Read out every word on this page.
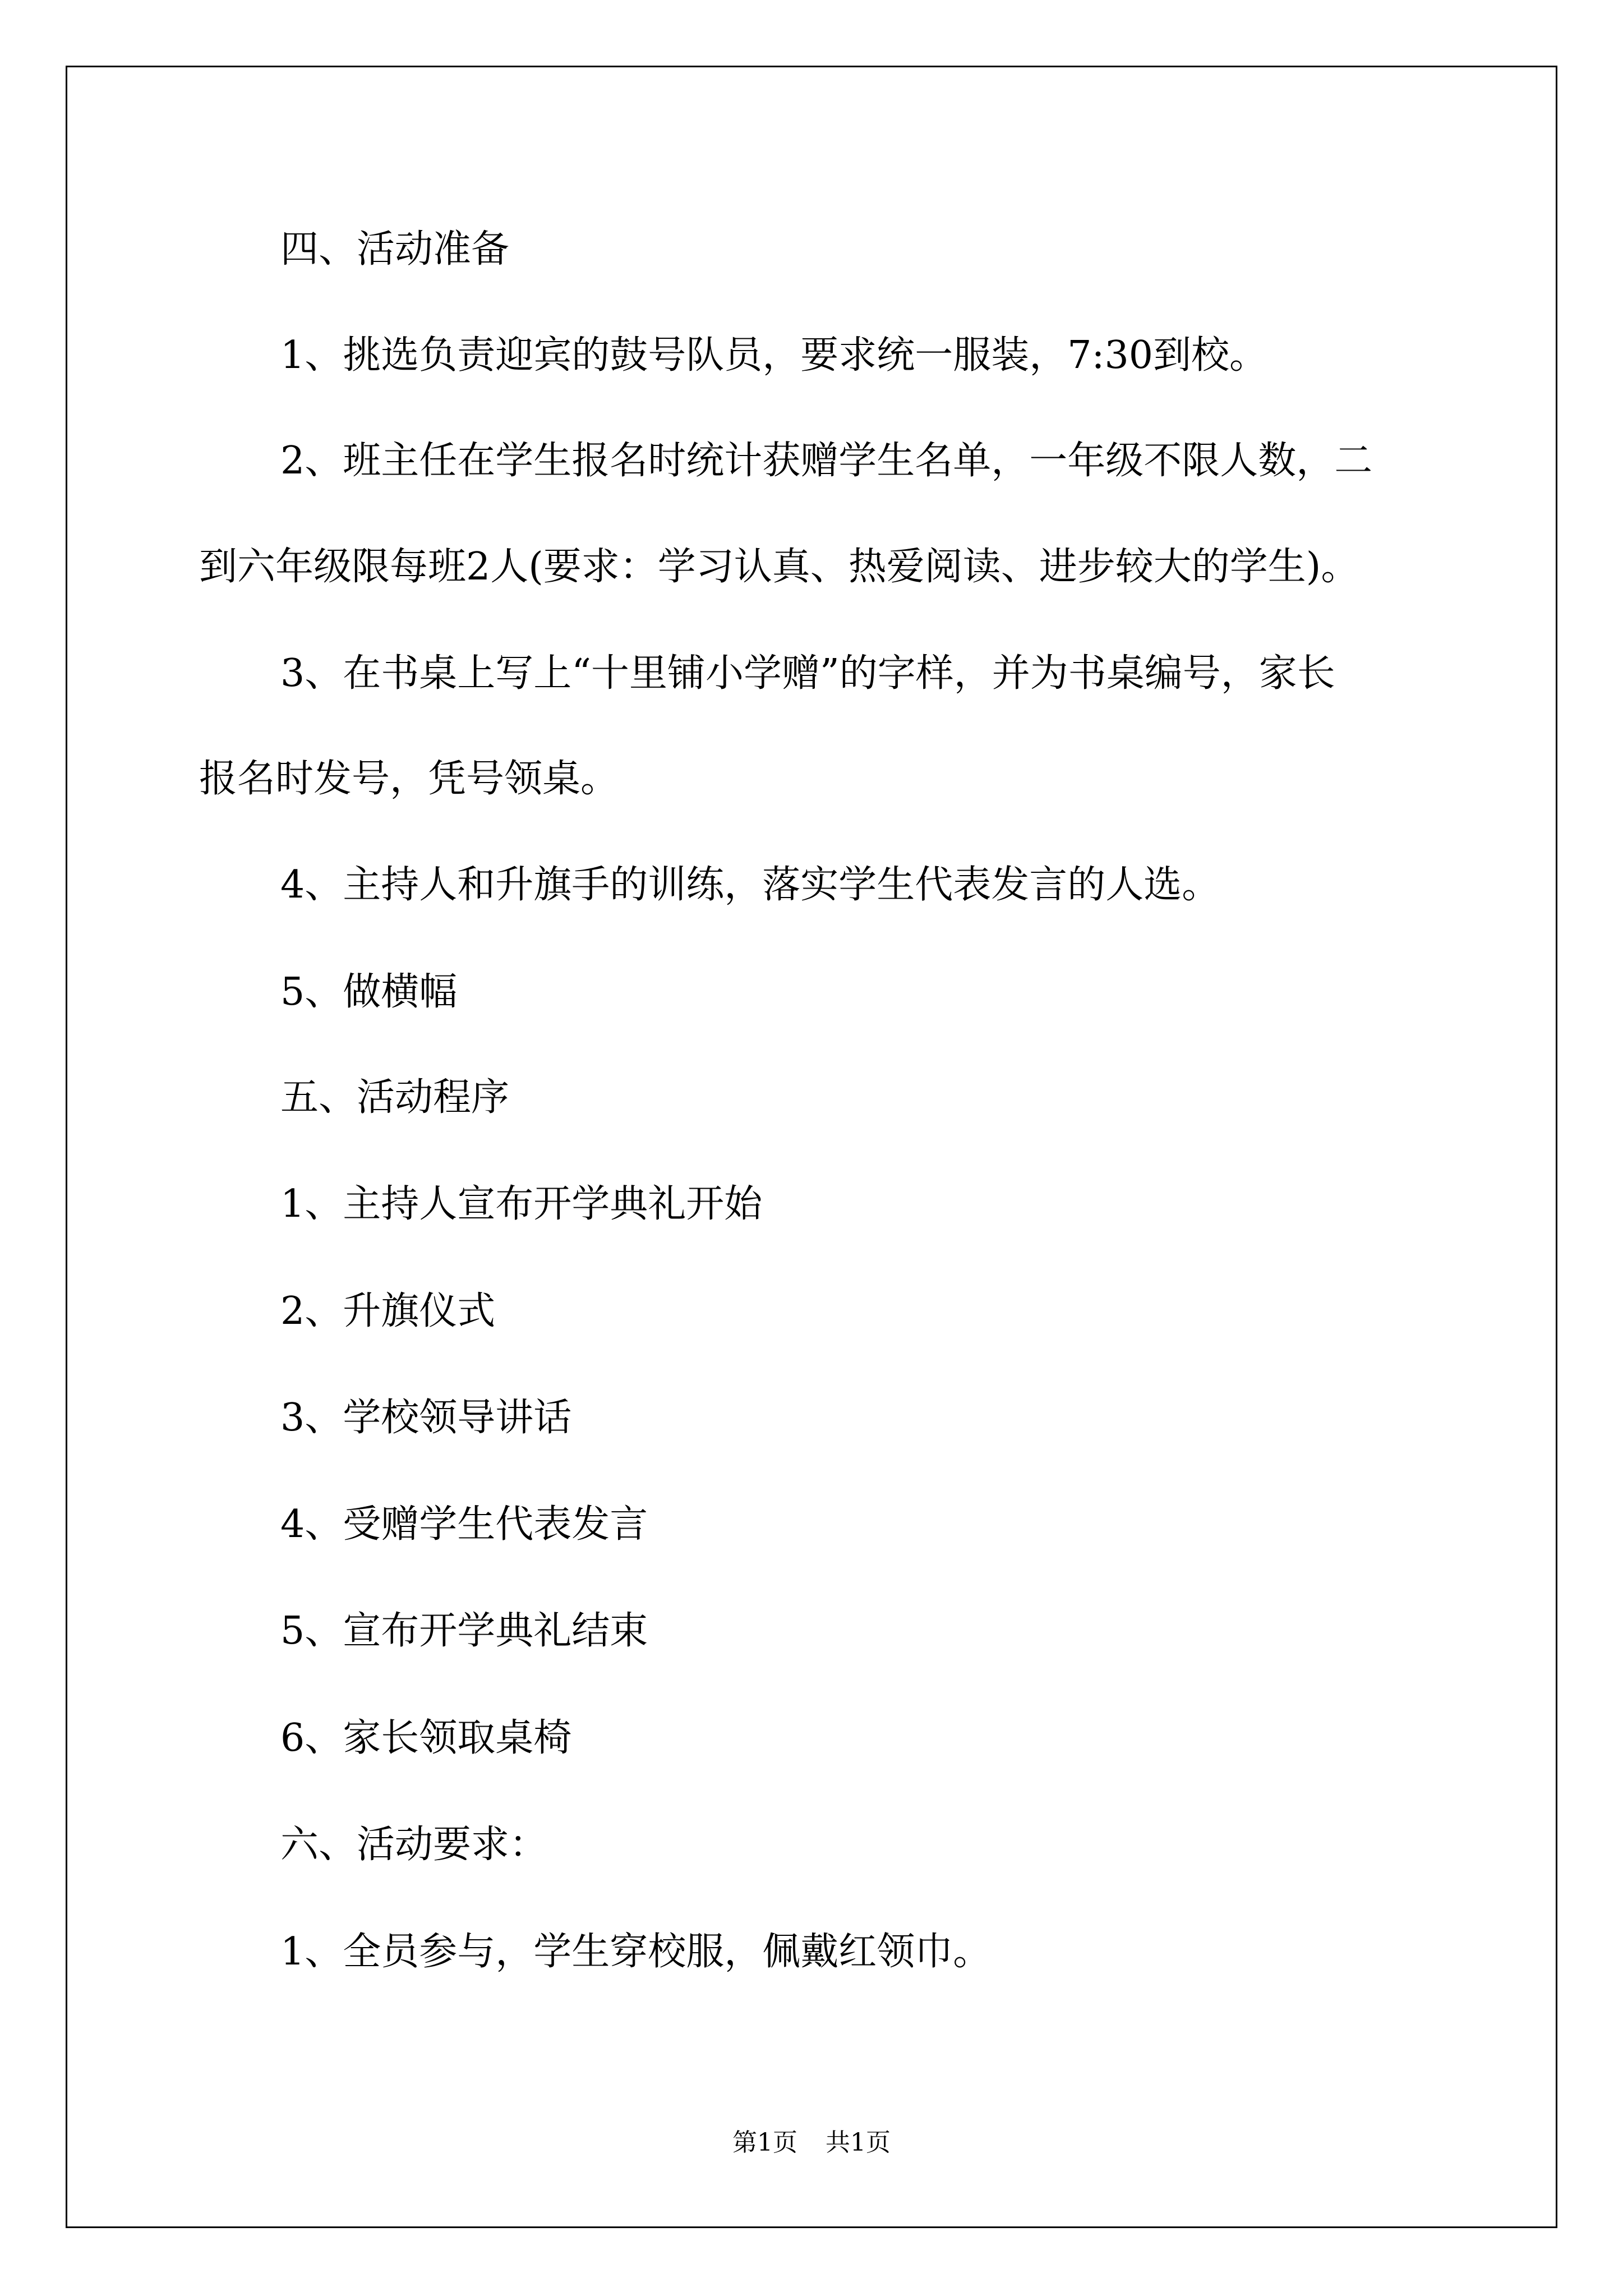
四、活动准备
1、挑选负责迎宾的鼓号队员，要求统一服装，7:30到校。
2、班主任在学生报名时统计获赠学生名单，一年级不限人数，二
到六年级限每班2人(要求：学习认真、热爱阅读、进步较大的学生)。
3、在书桌上写上“十里铺小学赠”的字样，并为书桌编号，家长
报名时发号，凭号领桌。
4、主持人和升旗手的训练，落实学生代表发言的人选。
5、做横幅
五、活动程序
1、主持人宣布开学典礼开始
2、升旗仪式
3、学校领导讲话
4、受赠学生代表发言
5、宣布开学典礼结束
6、家长领取桌椅
六、活动要求：
1、全员参与，学生穿校服，佩戴红领巾。
第1页 共1页
